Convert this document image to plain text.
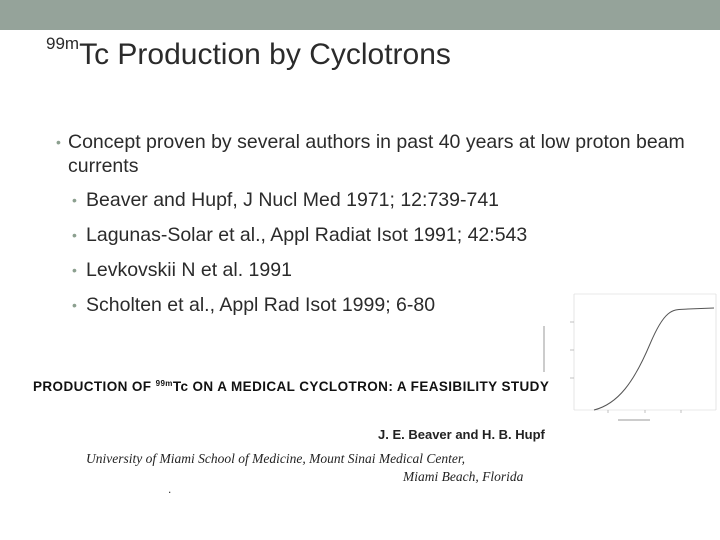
$^{99m}$Tc Production by Cyclotrons
• Concept proven by several authors in past 40 years at low proton beam currents
• Beaver and Hupf, J Nucl Med 1971; 12:739-741
• Lagunas-Solar et al., Appl Radiat Isot 1991; 42:543
• Levkovskii N et al. 1991
• Scholten et al., Appl Rad Isot 1999; 6-80
PRODUCTION OF $^{99m}$Tc ON A MEDICAL CYCLOTRON: A FEASIBILITY STUDY
J. E. Beaver and H. B. Hupf
University of Miami School of Medicine, Mount Sinai Medical Center,
Miami Beach, Florida
.
